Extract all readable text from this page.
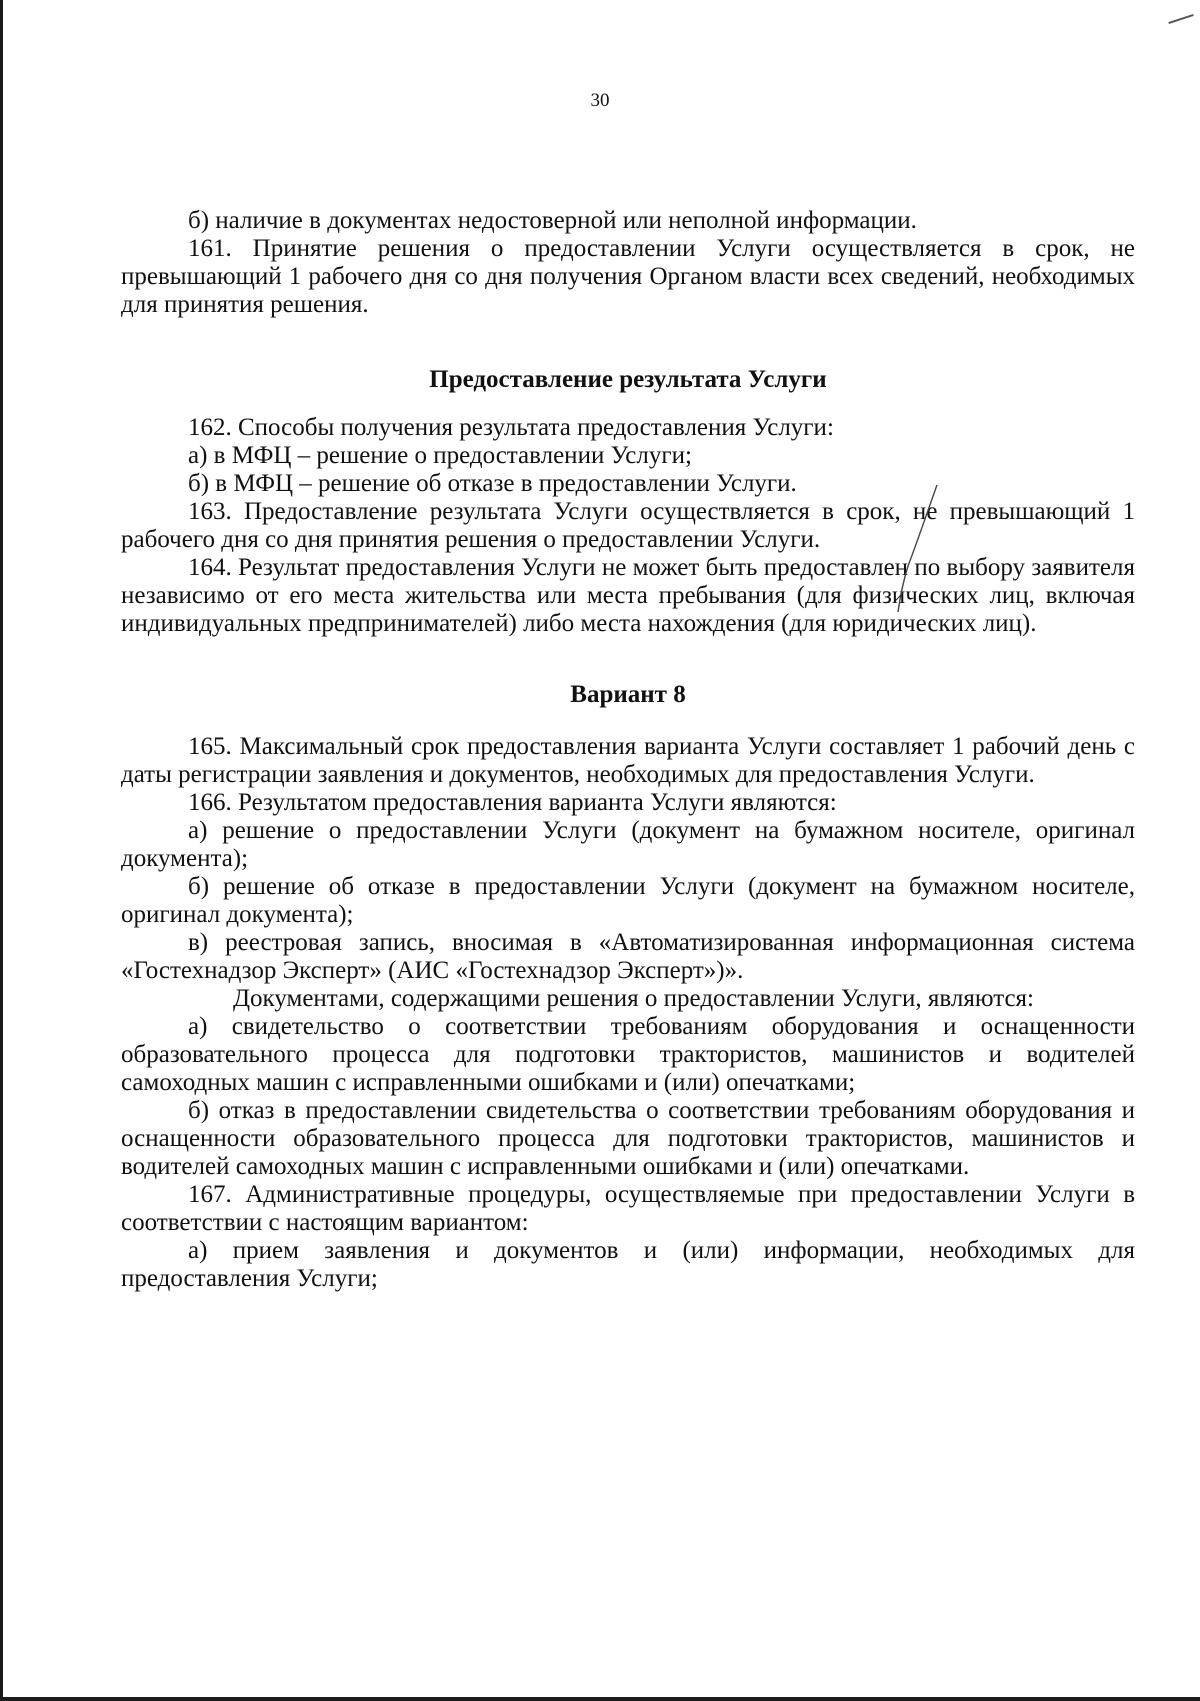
30

б) наличие в документах недостоверной или неполной информации.

161. Принятие решения о предоставлении Услуги осуществляется в срок, не превышающий 1 рабочего дня со дня получения Органом власти всех сведений, необходимых для принятия решения.

Предоставление результата Услуги

162. Способы получения результата предоставления Услуги:

а) в МФЦ – решение о предоставлении Услуги;

б) в МФЦ – решение об отказе в предоставлении Услуги.

163. Предоставление результата Услуги осуществляется в срок, не превышающий 1 рабочего дня со дня принятия решения о предоставлении Услуги.

164. Результат предоставления Услуги не может быть предоставлен по выбору заявителя независимо от его места жительства или места пребывания (для физических лиц, включая индивидуальных предпринимателей) либо места нахождения (для юридических лиц).

Вариант 8

165. Максимальный срок предоставления варианта Услуги составляет 1 рабочий день с даты регистрации заявления и документов, необходимых для предоставления Услуги.

166. Результатом предоставления варианта Услуги являются:

а) решение о предоставлении Услуги (документ на бумажном носителе, оригинал документа);

б) решение об отказе в предоставлении Услуги (документ на бумажном носителе, оригинал документа);

в) реестровая запись, вносимая в «Автоматизированная информационная система «Гостехнадзор Эксперт» (АИС «Гостехнадзор Эксперт»)».

Документами, содержащими решения о предоставлении Услуги, являются:

а) свидетельство о соответствии требованиям оборудования и оснащенности образовательного процесса для подготовки трактористов, машинистов и водителей самоходных машин с исправленными ошибками и (или) опечатками;

б) отказ в предоставлении свидетельства о соответствии требованиям оборудования и оснащенности образовательного процесса для подготовки трактористов, машинистов и водителей самоходных машин с исправленными ошибками и (или) опечатками.

167. Административные процедуры, осуществляемые при предоставлении Услуги в соответствии с настоящим вариантом:

а) прием заявления и документов и (или) информации, необходимых для предоставления Услуги;
